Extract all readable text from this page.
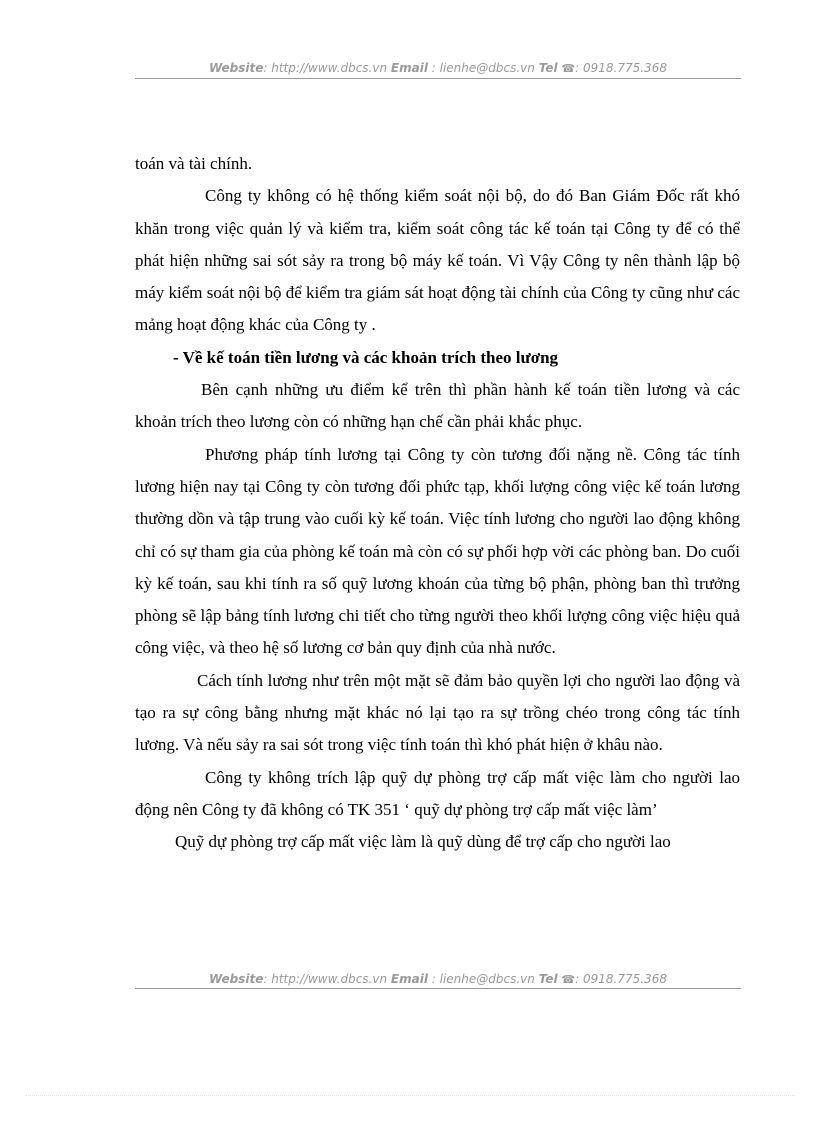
Website: http://www.dbcs.vn Email : lienhe@dbcs.vn Tel ☎: 0918.775.368

toán và tài chính.

Công ty không có hệ thống kiểm soát nội bộ, do đó Ban Giám Đốc rất khó khăn trong việc quản lý và kiểm tra, kiểm soát công tác kế toán tại Công ty để có thể phát hiện những sai sót sảy ra trong bộ máy kế toán. Vì Vậy Công ty nên thành lập bộ máy kiểm soát nội bộ để kiểm tra giám sát hoạt động tài chính của Công ty cũng như các mảng hoạt động khác của Công ty .

- Về kế toán tiền lương và các khoản trích theo lương

Bên cạnh những ưu điểm kể trên thì phần hành kế toán tiền lương và các khoản trích theo lương còn có những hạn chế cần phải khắc phục.

Phương pháp tính lương tại Công ty còn tương đối nặng nề. Công tác tính lương hiện nay tại Công ty còn tương đối phức tạp, khối lượng công việc kế toán lương thường dồn và tập trung vào cuối kỳ kế toán. Việc tính lương cho người lao động không chỉ có sự tham gia của phòng kế toán mà còn có sự phối hợp vời các phòng ban. Do cuối kỳ kế toán, sau khi tính ra số quỹ lương khoán của từng bộ phận, phòng ban thì trưởng phòng sẽ lập bảng tính lương chi tiết cho từng người theo khối lượng công việc hiệu quả công việc, và theo hệ số lương cơ bản quy định của nhà nước.

Cách tính lương như trên một mặt sẽ đảm bảo quyền lợi cho người lao động và tạo ra sự công bằng nhưng mặt khác nó lại tạo ra sự trồng chéo trong công tác tính lương. Và nếu sảy ra sai sót trong việc tính toán thì khó phát hiện ở khâu nào.

Công ty không trích lập quỹ dự phòng trợ cấp mất việc làm cho người lao động nên Công ty đã không có TK 351 ‘ quỹ dự phòng trợ cấp mất việc làm’

Quỹ dự phòng trợ cấp mất việc làm là quỹ dùng để trợ cấp cho người lao

Website: http://www.dbcs.vn Email : lienhe@dbcs.vn Tel ☎: 0918.775.368
